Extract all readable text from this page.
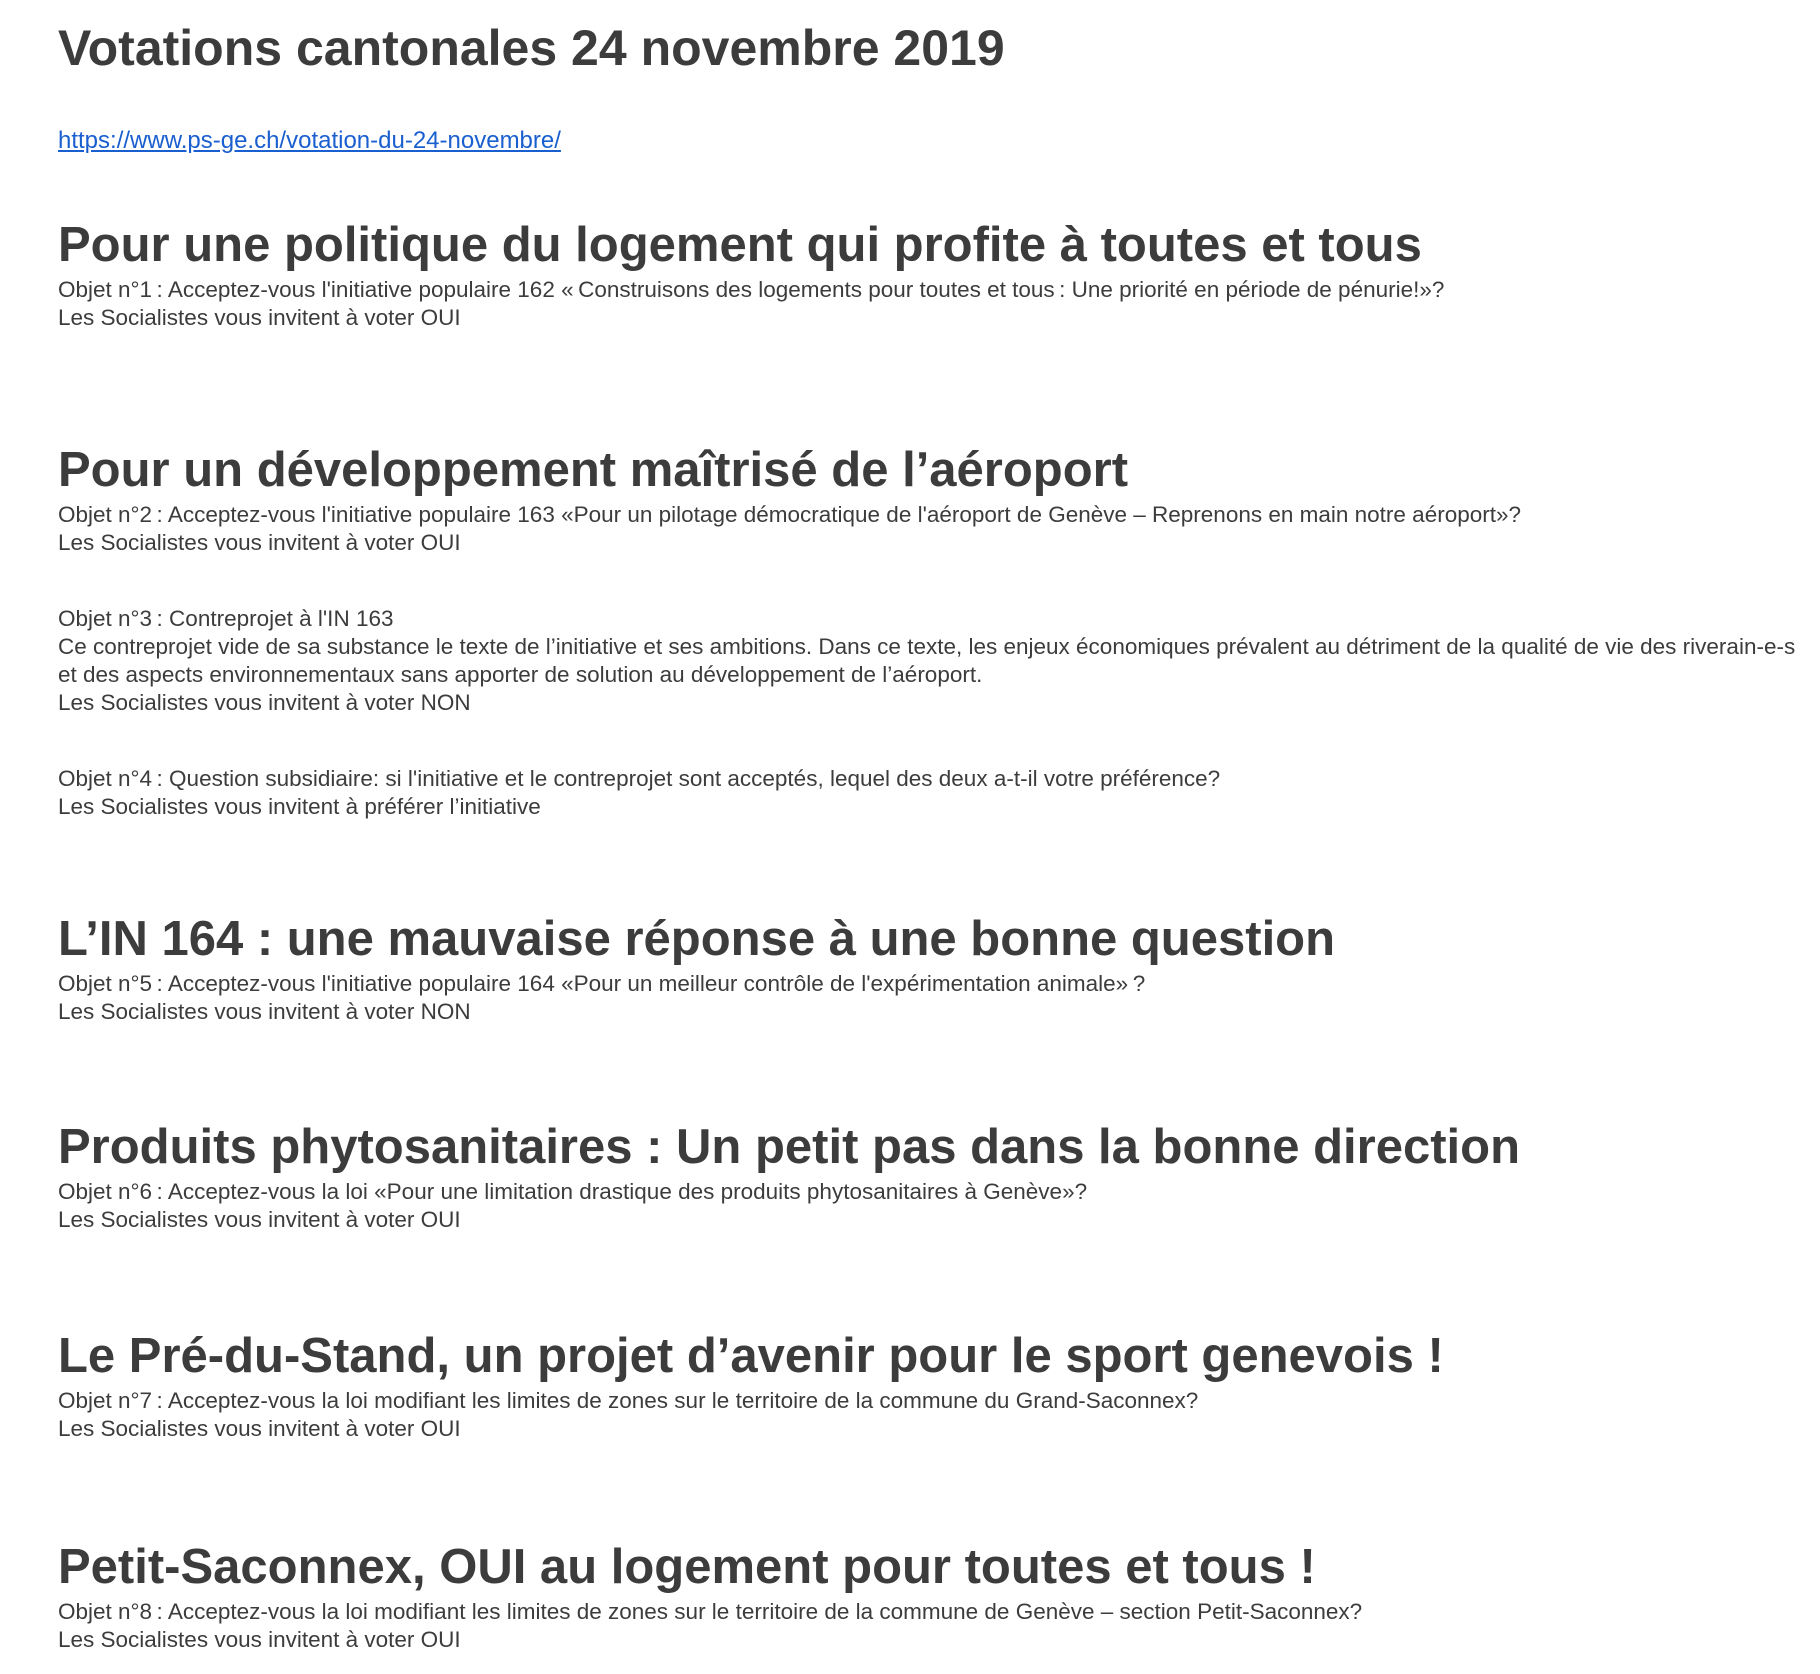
Votations cantonales 24 novembre 2019
https://www.ps-ge.ch/votation-du-24-novembre/
Pour une politique du logement qui profite à toutes et tous
Objet n°1 : Acceptez-vous l'initiative populaire 162 « Construisons des logements pour toutes et tous : Une priorité en période de pénurie!»?
Les Socialistes vous invitent à voter OUI
Pour un développement maîtrisé de l’aéroport
Objet n°2 : Acceptez-vous l'initiative populaire 163 «Pour un pilotage démocratique de l'aéroport de Genève – Reprenons en main notre aéroport»?
Les Socialistes vous invitent à voter OUI
Objet n°3 : Contreprojet à l'IN 163
Ce contreprojet vide de sa substance le texte de l’initiative et ses ambitions. Dans ce texte, les enjeux économiques prévalent au détriment de la qualité de vie des riverain-e-s et des aspects environnementaux sans apporter de solution au développement de l’aéroport.
Les Socialistes vous invitent à voter NON
Objet n°4 : Question subsidiaire: si l'initiative et le contreprojet sont acceptés, lequel des deux a-t-il votre préférence?
Les Socialistes vous invitent à préférer l’initiative
L’IN 164 : une mauvaise réponse à une bonne question
Objet n°5 : Acceptez-vous l'initiative populaire 164 «Pour un meilleur contrôle de l'expérimentation animale» ?
Les Socialistes vous invitent à voter NON
Produits phytosanitaires : Un petit pas dans la bonne direction
Objet n°6 : Acceptez-vous la loi «Pour une limitation drastique des produits phytosanitaires à Genève»?
Les Socialistes vous invitent à voter OUI
Le Pré-du-Stand, un projet d’avenir pour le sport genevois !
Objet n°7 : Acceptez-vous la loi modifiant les limites de zones sur le territoire de la commune du Grand-Saconnex?
Les Socialistes vous invitent à voter OUI
Petit-Saconnex, OUI au logement pour toutes et tous !
Objet n°8 : Acceptez-vous la loi modifiant les limites de zones sur le territoire de la commune de Genève – section Petit-Saconnex?
Les Socialistes vous invitent à voter OUI
